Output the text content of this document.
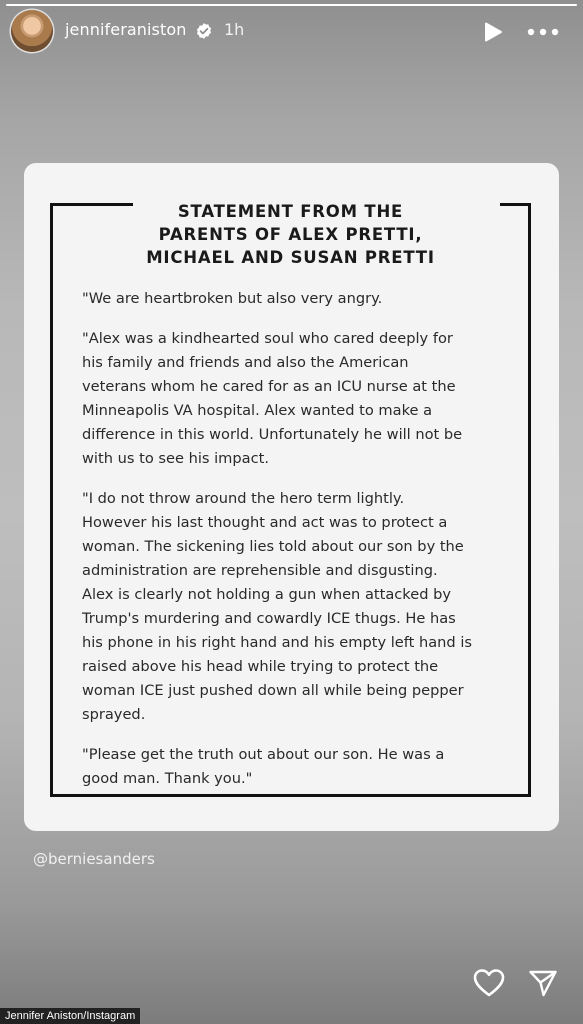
jenniferaniston 1h
STATEMENT FROM THE
PARENTS OF ALEX PRETTI,
MICHAEL AND SUSAN PRETTI
"We are heartbroken but also very angry.
"Alex was a kindhearted soul who cared deeply for
his family and friends and also the American
veterans whom he cared for as an ICU nurse at the
Minneapolis VA hospital. Alex wanted to make a
difference in this world. Unfortunately he will not be
with us to see his impact.
"I do not throw around the hero term lightly.
However his last thought and act was to protect a
woman. The sickening lies told about our son by the
administration are reprehensible and disgusting.
Alex is clearly not holding a gun when attacked by
Trump's murdering and cowardly ICE thugs. He has
his phone in his right hand and his empty left hand is
raised above his head while trying to protect the
woman ICE just pushed down all while being pepper
sprayed.
"Please get the truth out about our son. He was a
good man. Thank you."
@berniesanders
Jennifer Aniston/Instagram
